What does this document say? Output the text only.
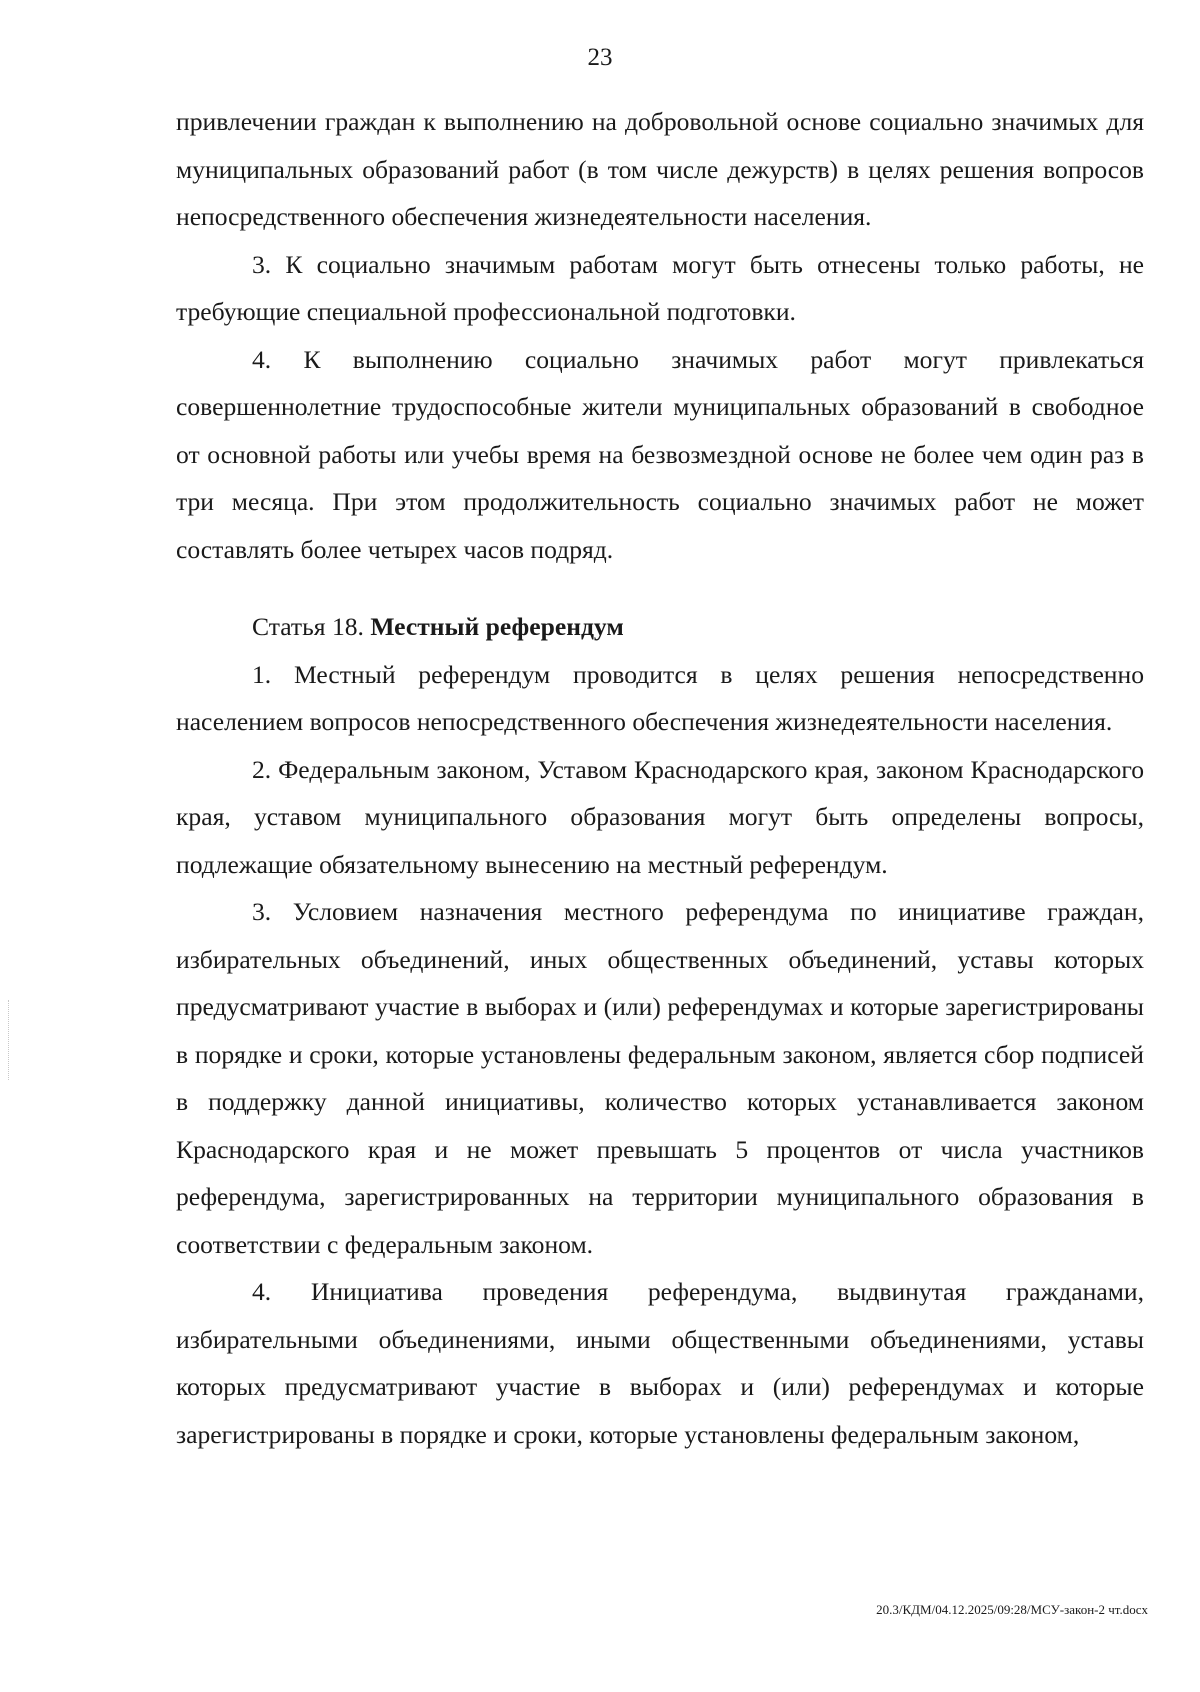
23

привлечении граждан к выполнению на добровольной основе социально значимых для муниципальных образований работ (в том числе дежурств) в целях решения вопросов непосредственного обеспечения жизнедеятельности населения.

3. К социально значимым работам могут быть отнесены только работы, не требующие специальной профессиональной подготовки.

4. К выполнению социально значимых работ могут привлекаться совершеннолетние трудоспособные жители муниципальных образований в свободное от основной работы или учебы время на безвозмездной основе не более чем один раз в три месяца. При этом продолжительность социально значимых работ не может составлять более четырех часов подряд.

Статья 18. Местный референдум

1. Местный референдум проводится в целях решения непосредственно населением вопросов непосредственного обеспечения жизнедеятельности населения.

2. Федеральным законом, Уставом Краснодарского края, законом Краснодарского края, уставом муниципального образования могут быть определены вопросы, подлежащие обязательному вынесению на местный референдум.

3. Условием назначения местного референдума по инициативе граждан, избирательных объединений, иных общественных объединений, уставы которых предусматривают участие в выборах и (или) референдумах и которые зарегистрированы в порядке и сроки, которые установлены федеральным законом, является сбор подписей в поддержку данной инициативы, количество которых устанавливается законом Краснодарского края и не может превышать 5 процентов от числа участников референдума, зарегистрированных на территории муниципального образования в соответствии с федеральным законом.

4. Инициатива проведения референдума, выдвинутая гражданами, избирательными объединениями, иными общественными объединениями, уставы которых предусматривают участие в выборах и (или) референдумах и которые зарегистрированы в порядке и сроки, которые установлены федеральным законом,

20.3/КДМ/04.12.2025/09:28/МСУ-закон-2 чт.docx
